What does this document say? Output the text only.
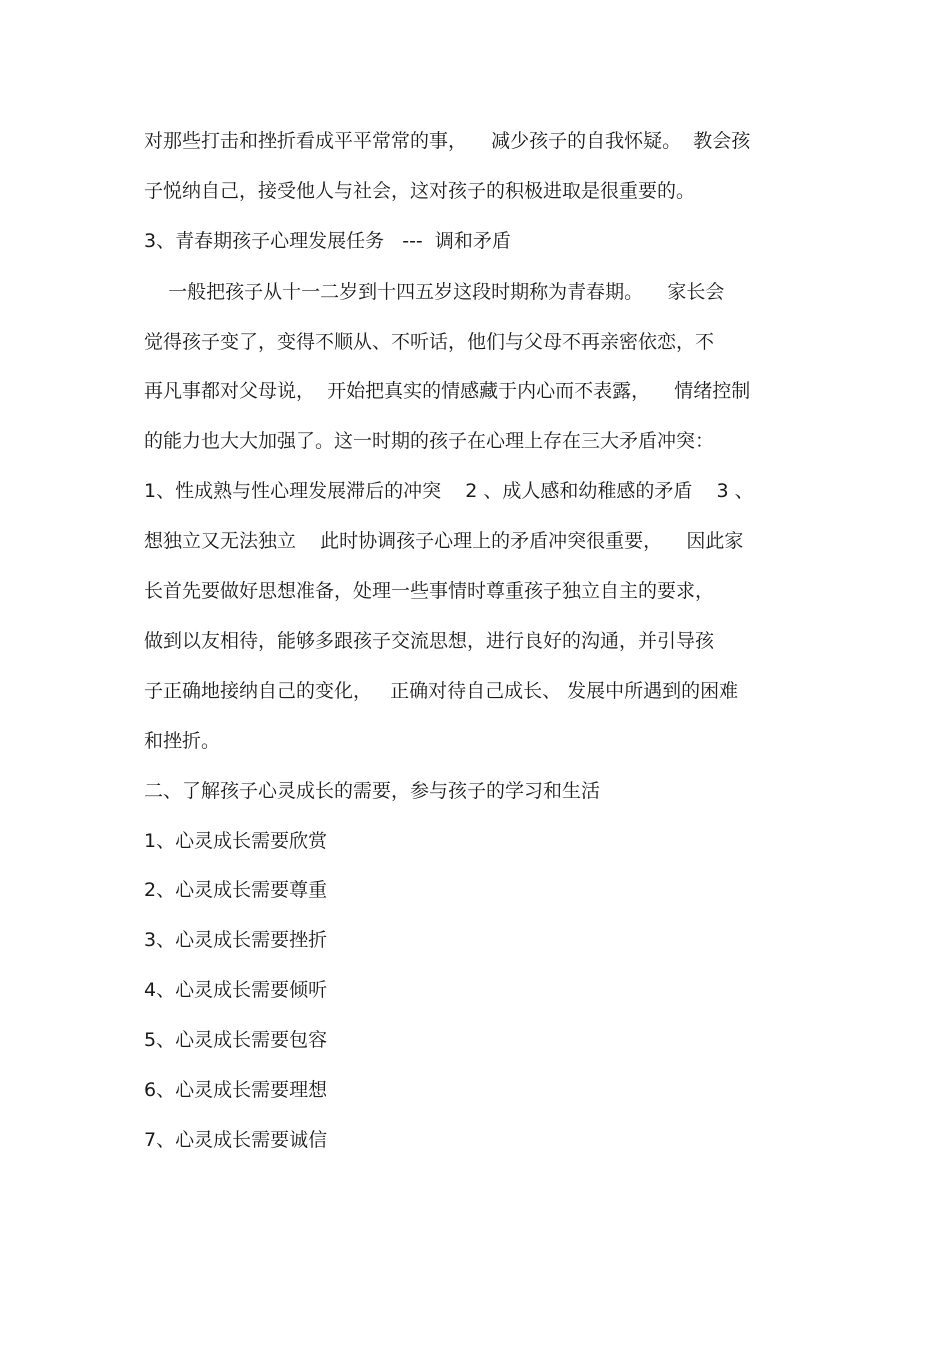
对那些打击和挫折看成平平常常的事，    减少孩子的自我怀疑。  教会孩

子悦纳自己，接受他人与社会，这对孩子的积极进取是很重要的。

3、青春期孩子心理发展任务   ---  调和矛盾

一般把孩子从十一二岁到十四五岁这段时期称为青春期。    家长会

觉得孩子变了，变得不顺从、不听话，他们与父母不再亲密依恋，不

再凡事都对父母说，  开始把真实的情感藏于内心而不表露，    情绪控制

的能力也大大加强了。这一时期的孩子在心理上存在三大矛盾冲突：

1、性成熟与性心理发展滞后的冲突    2 、成人感和幼稚感的矛盾    3 、

想独立又无法独立    此时协调孩子心理上的矛盾冲突很重要，    因此家

长首先要做好思想准备，处理一些事情时尊重孩子独立自主的要求，

做到以友相待，能够多跟孩子交流思想，进行良好的沟通，并引导孩

子正确地接纳自己的变化，   正确对待自己成长、 发展中所遇到的困难

和挫折。

二、了解孩子心灵成长的需要，参与孩子的学习和生活

1、心灵成长需要欣赏

2、心灵成长需要尊重

3、心灵成长需要挫折

4、心灵成长需要倾听

5、心灵成长需要包容

6、心灵成长需要理想

7、心灵成长需要诚信
